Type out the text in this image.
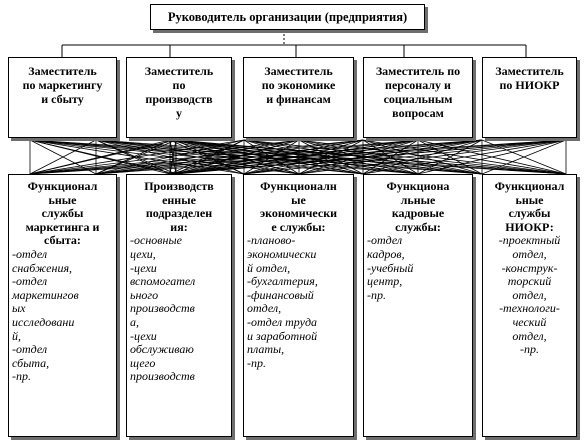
Руководитель организации (предприятия)
Заместитель
по маркетингу
и сбыту
Заместитель
по
производств
у
Заместитель
по экономике
и финансам
Заместитель по
персоналу и
социальным
вопросам
Заместитель
по НИОКР
Функционал
ьные
службы
маркетинга и
сбыта:
-отдел
снабжения,
-отдел
маркетингов
ых
исследовани
й,
-отдел
сбыта,
-пр.
Производств
енные
подразделен
ия:
-основные
цехи,
-цехи
вспомогател
ьного
производств
а,
-цехи
обслуживаю
щего
производств
Функционалн
ые
экономически
е службы:
-планово-
экономически
й отдел,
-бухгалтерия,
-финансовый
отдел,
-отдел труда
и заработной
платы,
-пр.
Функциона
льные
кадровые
службы:
-отдел
кадров,
-учебный
центр,
-пр.
Функционал
ьные
службы
НИОКР:
-проектный
отдел,
-конструк-
торский
отдел,
-технологи-
ческий
отдел,
-пр.
